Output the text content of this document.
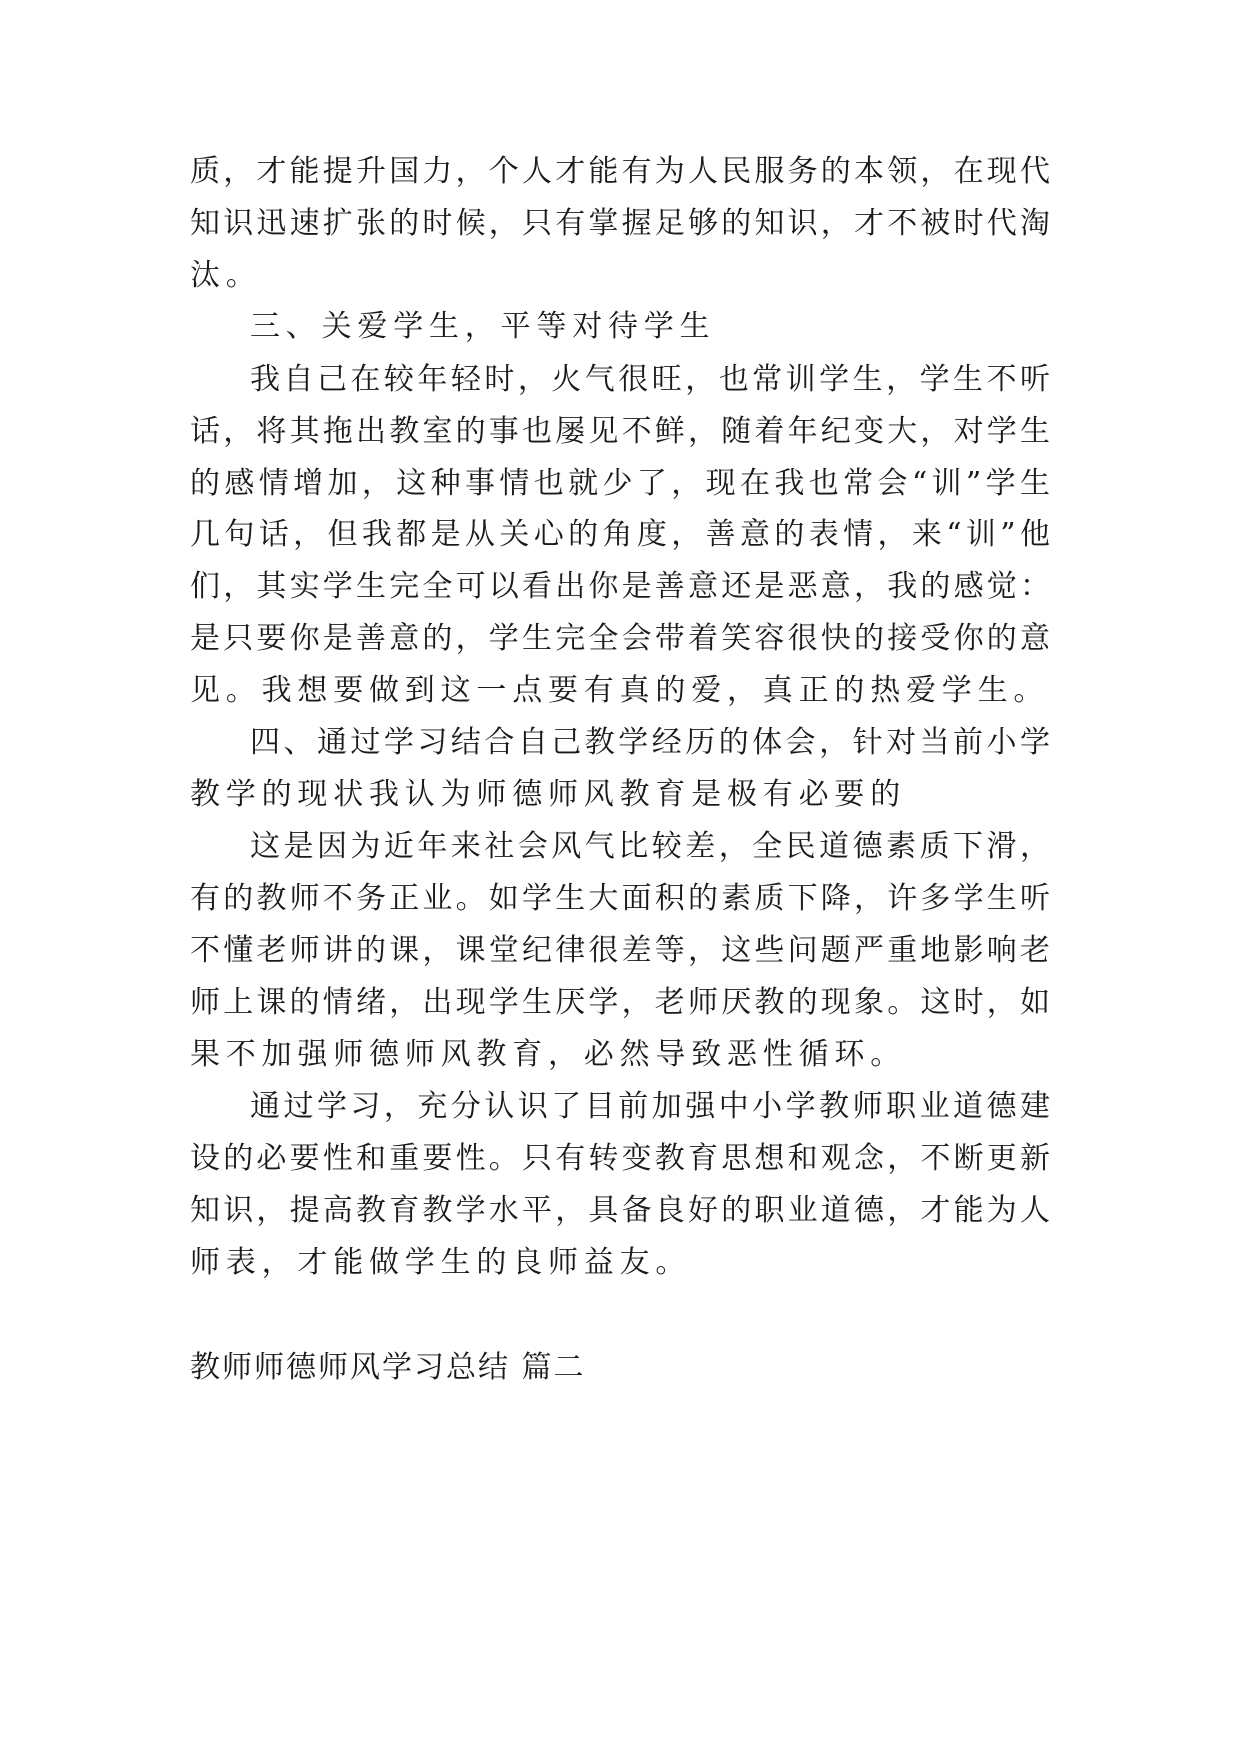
质，才能提升国力，个人才能有为人民服务的本领，在现代
知识迅速扩张的时候，只有掌握足够的知识，才不被时代淘
汰。
三、关爱学生，平等对待学生
我自己在较年轻时，火气很旺，也常训学生，学生不听
话，将其拖出教室的事也屡见不鲜，随着年纪变大，对学生
的感情增加，这种事情也就少了，现在我也常会“训”学生
几句话，但我都是从关心的角度，善意的表情，来“训”他
们，其实学生完全可以看出你是善意还是恶意，我的感觉：
是只要你是善意的，学生完全会带着笑容很快的接受你的意
见。我想要做到这一点要有真的爱，真正的热爱学生。
四、通过学习结合自己教学经历的体会，针对当前小学
教学的现状我认为师德师风教育是极有必要的
这是因为近年来社会风气比较差，全民道德素质下滑，
有的教师不务正业。如学生大面积的素质下降，许多学生听
不懂老师讲的课，课堂纪律很差等，这些问题严重地影响老
师上课的情绪，出现学生厌学，老师厌教的现象。这时，如
果不加强师德师风教育，必然导致恶性循环。
通过学习，充分认识了目前加强中小学教师职业道德建
设的必要性和重要性。只有转变教育思想和观念，不断更新
知识，提高教育教学水平，具备良好的职业道德，才能为人
师表，才能做学生的良师益友。
教师师德师风学习总结 篇二
